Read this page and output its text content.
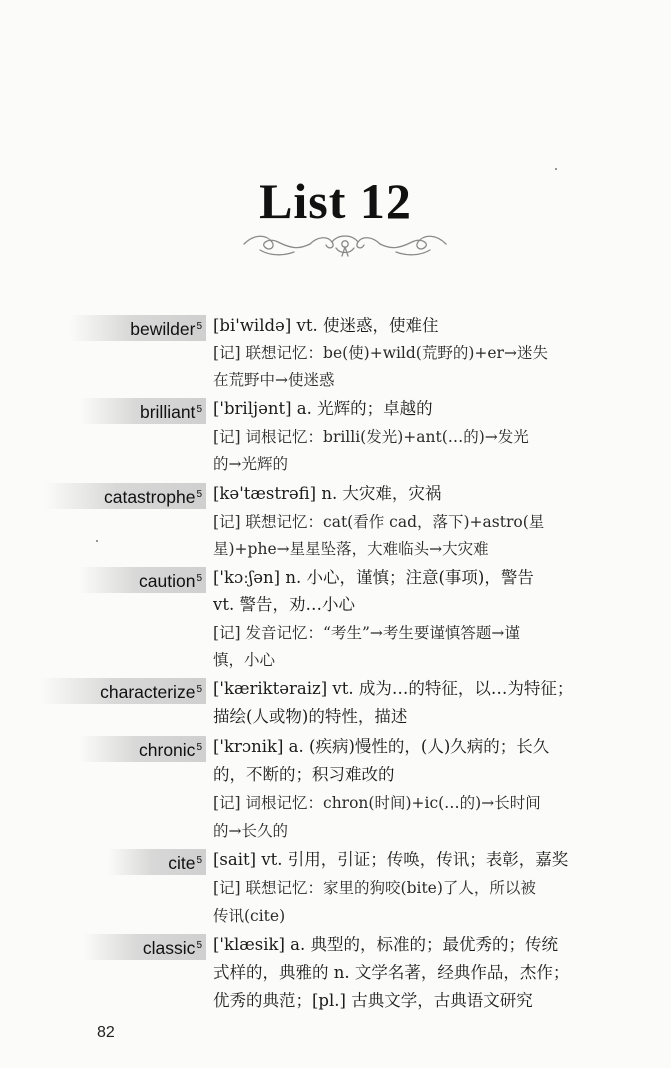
List 12
bewilder$^5$ [bi'wildə] vt. 使迷惑，使难住
[记] 联想记忆：be(使)+wild(荒野的)+er→迷失
在荒野中→使迷惑
brilliant$^5$ ['briljənt] a. 光辉的；卓越的
[记] 词根记忆：brilli(发光)+ant(…的)→发光
的→光辉的
catastrophe$^5$ [kə'tæstrəfi] n. 大灾难，灾祸
[记] 联想记忆：cat(看作 cad，落下)+astro(星
星)+phe→星星坠落，大难临头→大灾难
caution$^5$ ['kɔːʃən] n. 小心，谨慎；注意(事项)，警告
vt. 警告，劝…小心
[记] 发音记忆：“考生”→考生要谨慎答题→谨
慎，小心
characterize$^5$ ['kæriktəraiz] vt. 成为…的特征，以…为特征；
描绘(人或物)的特性，描述
chronic$^5$ ['krɔnik] a. (疾病)慢性的，(人)久病的；长久
的，不断的；积习难改的
[记] 词根记忆：chron(时间)+ic(…的)→长时间
的→长久的
cite$^5$ [sait] vt. 引用，引证；传唤，传讯；表彰，嘉奖
[记] 联想记忆：家里的狗咬(bite)了人，所以被
传讯(cite)
classic$^5$ ['klæsik] a. 典型的，标准的；最优秀的；传统
式样的，典雅的 n. 文学名著，经典作品，杰作；
优秀的典范；[pl.] 古典文学，古典语文研究
82
